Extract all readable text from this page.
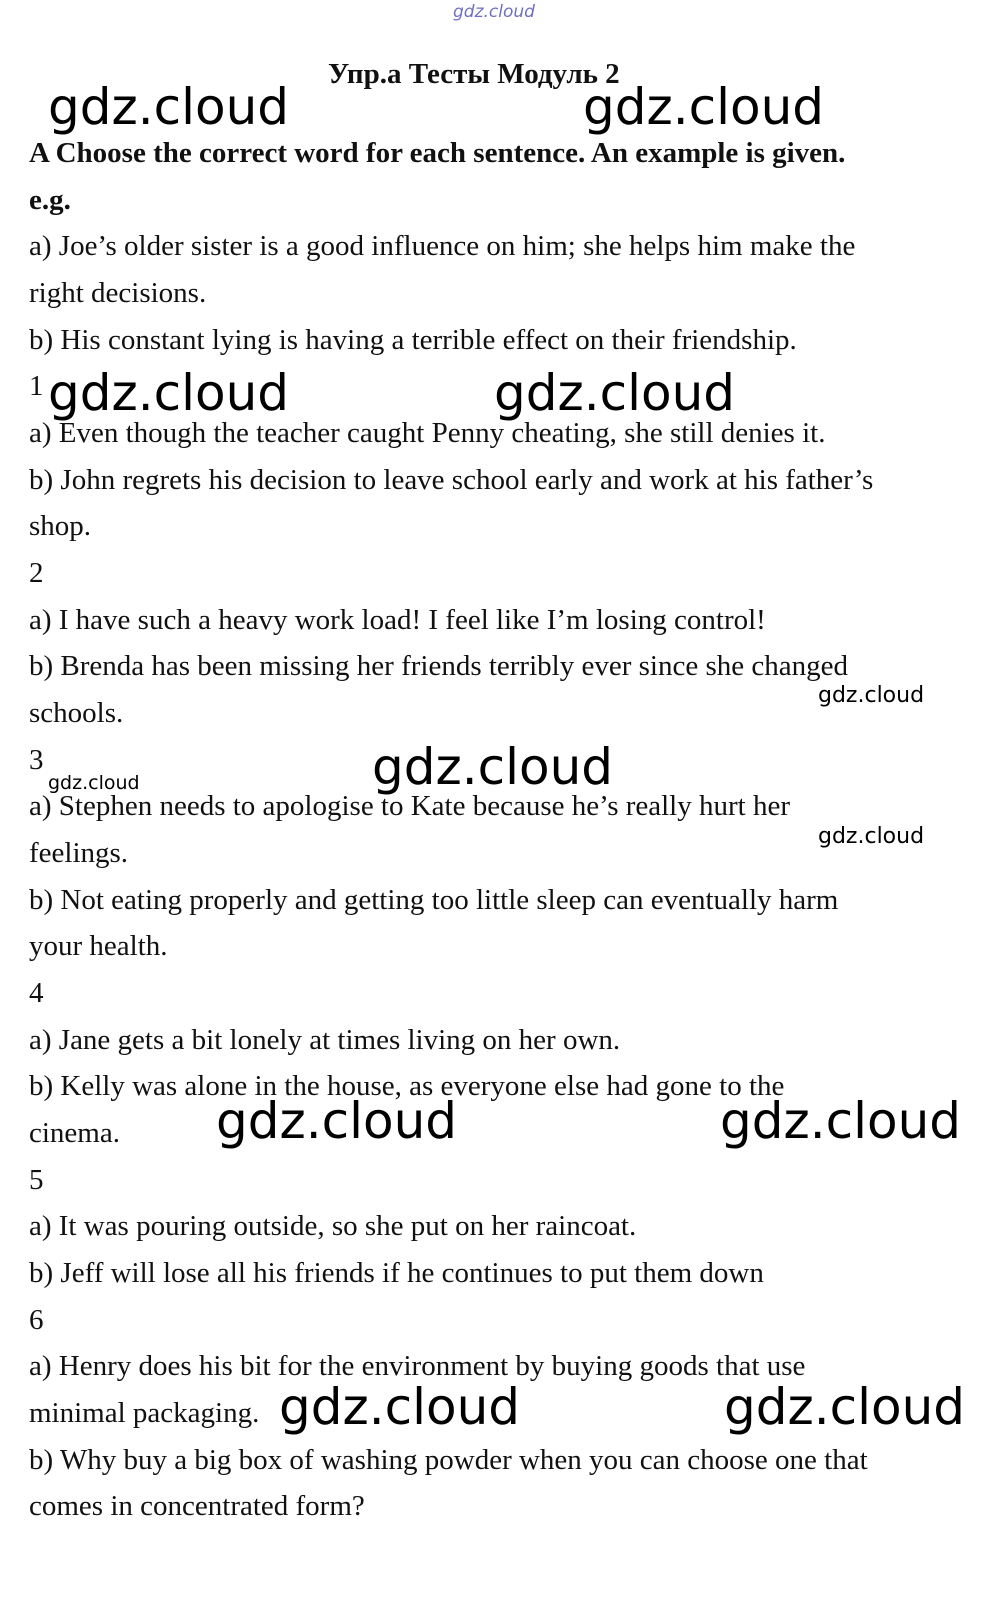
gdz.cloud
Упр.а Тесты Модуль 2
A Choose the correct word for each sentence. An example is given.
e.g.
a) Joe’s older sister is a good influence on him; she helps him make the
right decisions.
b) His constant lying is having a terrible effect on their friendship.
1
a) Even though the teacher caught Penny cheating, she still denies it.
b) John regrets his decision to leave school early and work at his father’s
shop.
2
a) I have such a heavy work load! I feel like I’m losing control!
b) Brenda has been missing her friends terribly ever since she changed
schools.
3
a) Stephen needs to apologise to Kate because he’s really hurt her
feelings.
b) Not eating properly and getting too little sleep can eventually harm
your health.
4
a) Jane gets a bit lonely at times living on her own.
b) Kelly was alone in the house, as everyone else had gone to the
cinema.
5
a) It was pouring outside, so she put on her raincoat.
b) Jeff will lose all his friends if he continues to put them down
6
a) Henry does his bit for the environment by buying goods that use
minimal packaging.
b) Why buy a big box of washing powder when you can choose one that
comes in concentrated form?
gdz.cloud	gdz.cloud
gdz.cloud	gdz.cloud
gdz.cloud
gdz.cloud
gdz.cloud
gdz.cloud
gdz.cloud	gdz.cloud
gdz.cloud	gdz.cloud
